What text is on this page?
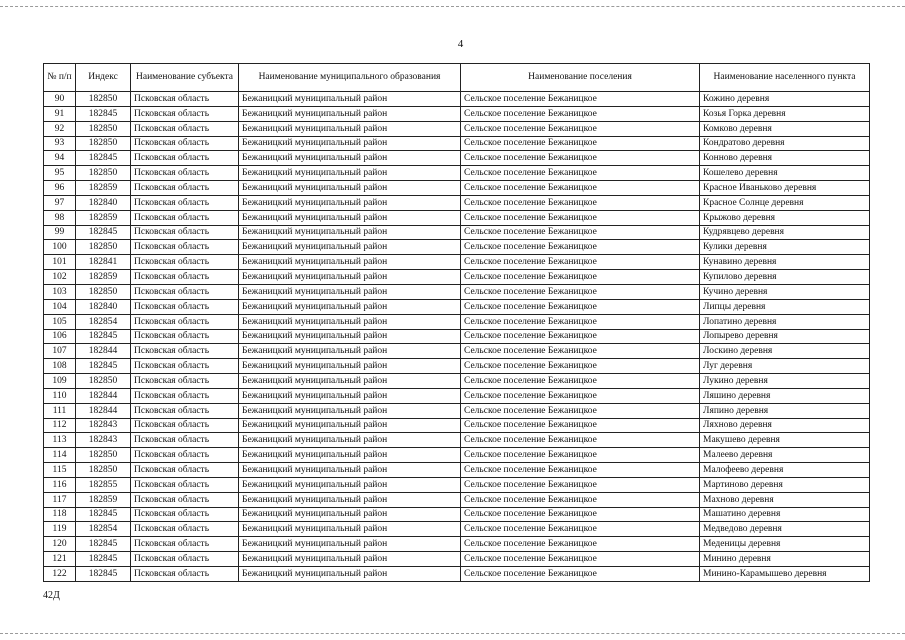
4
№ п/п	Индекс	Наименование субъекта	Наименование муниципального образования	Наименование поселения	Наименование населенного пункта
90	182850	Псковская область	Бежаницкий муниципальный район	Сельское поселение Бежаницкое	Кожино деревня
91	182845	Псковская область	Бежаницкий муниципальный район	Сельское поселение Бежаницкое	Козья Горка деревня
92	182850	Псковская область	Бежаницкий муниципальный район	Сельское поселение Бежаницкое	Комково деревня
93	182850	Псковская область	Бежаницкий муниципальный район	Сельское поселение Бежаницкое	Кондратово деревня
94	182845	Псковская область	Бежаницкий муниципальный район	Сельское поселение Бежаницкое	Конново деревня
95	182850	Псковская область	Бежаницкий муниципальный район	Сельское поселение Бежаницкое	Кошелево деревня
96	182859	Псковская область	Бежаницкий муниципальный район	Сельское поселение Бежаницкое	Красное Иваньково деревня
97	182840	Псковская область	Бежаницкий муниципальный район	Сельское поселение Бежаницкое	Красное Солнце деревня
98	182859	Псковская область	Бежаницкий муниципальный район	Сельское поселение Бежаницкое	Крыжово деревня
99	182845	Псковская область	Бежаницкий муниципальный район	Сельское поселение Бежаницкое	Кудрявцево деревня
100	182850	Псковская область	Бежаницкий муниципальный район	Сельское поселение Бежаницкое	Кулики деревня
101	182841	Псковская область	Бежаницкий муниципальный район	Сельское поселение Бежаницкое	Кунавино деревня
102	182859	Псковская область	Бежаницкий муниципальный район	Сельское поселение Бежаницкое	Купилово деревня
103	182850	Псковская область	Бежаницкий муниципальный район	Сельское поселение Бежаницкое	Кучино деревня
104	182840	Псковская область	Бежаницкий муниципальный район	Сельское поселение Бежаницкое	Липцы деревня
105	182854	Псковская область	Бежаницкий муниципальный район	Сельское поселение Бежаницкое	Лопатино деревня
106	182845	Псковская область	Бежаницкий муниципальный район	Сельское поселение Бежаницкое	Лопырево деревня
107	182844	Псковская область	Бежаницкий муниципальный район	Сельское поселение Бежаницкое	Лоскино деревня
108	182845	Псковская область	Бежаницкий муниципальный район	Сельское поселение Бежаницкое	Луг деревня
109	182850	Псковская область	Бежаницкий муниципальный район	Сельское поселение Бежаницкое	Лукино деревня
110	182844	Псковская область	Бежаницкий муниципальный район	Сельское поселение Бежаницкое	Ляшино деревня
111	182844	Псковская область	Бежаницкий муниципальный район	Сельское поселение Бежаницкое	Ляпино деревня
112	182843	Псковская область	Бежаницкий муниципальный район	Сельское поселение Бежаницкое	Ляхново деревня
113	182843	Псковская область	Бежаницкий муниципальный район	Сельское поселение Бежаницкое	Макушево деревня
114	182850	Псковская область	Бежаницкий муниципальный район	Сельское поселение Бежаницкое	Малеево деревня
115	182850	Псковская область	Бежаницкий муниципальный район	Сельское поселение Бежаницкое	Малофеево деревня
116	182855	Псковская область	Бежаницкий муниципальный район	Сельское поселение Бежаницкое	Мартиново деревня
117	182859	Псковская область	Бежаницкий муниципальный район	Сельское поселение Бежаницкое	Махново деревня
118	182845	Псковская область	Бежаницкий муниципальный район	Сельское поселение Бежаницкое	Машатино деревня
119	182854	Псковская область	Бежаницкий муниципальный район	Сельское поселение Бежаницкое	Медведово деревня
120	182845	Псковская область	Бежаницкий муниципальный район	Сельское поселение Бежаницкое	Меденицы деревня
121	182845	Псковская область	Бежаницкий муниципальный район	Сельское поселение Бежаницкое	Минино деревня
122	182845	Псковская область	Бежаницкий муниципальный район	Сельское поселение Бежаницкое	Минино-Карамышево деревня
42Д
